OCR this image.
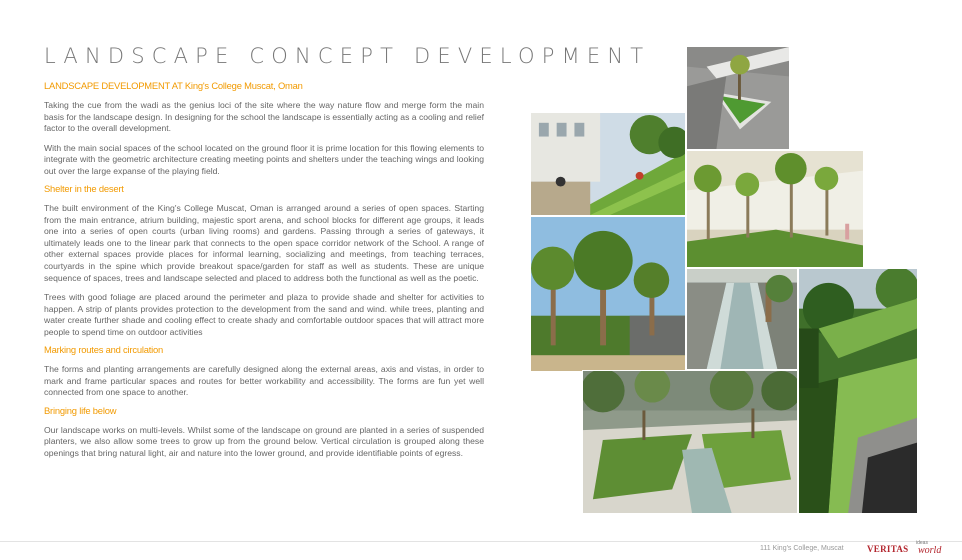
LANDSCAPE CONCEPT DEVELOPMENT
LANDSCAPE DEVELOPMENT AT King's College Muscat, Oman

Taking the cue from the wadi as the genius loci of the site where the way nature flow and merge form the main basis for the landscape design. In designing for the school the landscape is essentially acting as a cooling and relief factor to the overall development.

With the main social spaces of the school located on the ground floor it is prime location for this flowing elements to integrate with the geometric architecture creating meeting points and shelters under the teaching wings and looking out over the large expanse of the playing field.

Shelter in the desert

The built environment of the King's College Muscat, Oman is arranged around a series of open spaces. Starting from the main entrance, atrium building, majestic sport arena, and school blocks for different age groups, it leads one into a series of open courts (urban living rooms) and gardens. Passing through a series of gateways, it ultimately leads one to the linear park that connects to the open space corridor network of the School. A range of other external spaces provide places for informal learning, socializing and meetings, from teaching terraces, courtyards in the spine which provide breakout space/garden for staff as well as students. These are unique sequence of spaces, trees and landscape selected and placed to address both the functional as well as the poetic.

Trees with good foliage are placed around the perimeter and plaza to provide shade and shelter for activities to happen. A strip of plants provides protection to the development from the sand and wind. while trees, planting and water create further shade and cooling effect to create shady and comfortable outdoor spaces that will attract more people to spend time on outdoor activities

Marking routes and circulation

The forms and planting arrangements are carefully designed along the external areas, axis and vistas, in order to mark and frame particular spaces and routes for better workability and accessibility. The forms are fun yet well connected from one space to another.

Bringing life below

Our landscape works on multi-levels. Whilst some of the landscape on ground are planted in a series of suspended planters, we also allow some trees to grow up from the ground below. Vertical circulation is grouped along these openings that bring natural light, air and nature into the lower ground, and provide identifiable points of egress.

111 King's College, Muscat	VERITAS
ideas
world
